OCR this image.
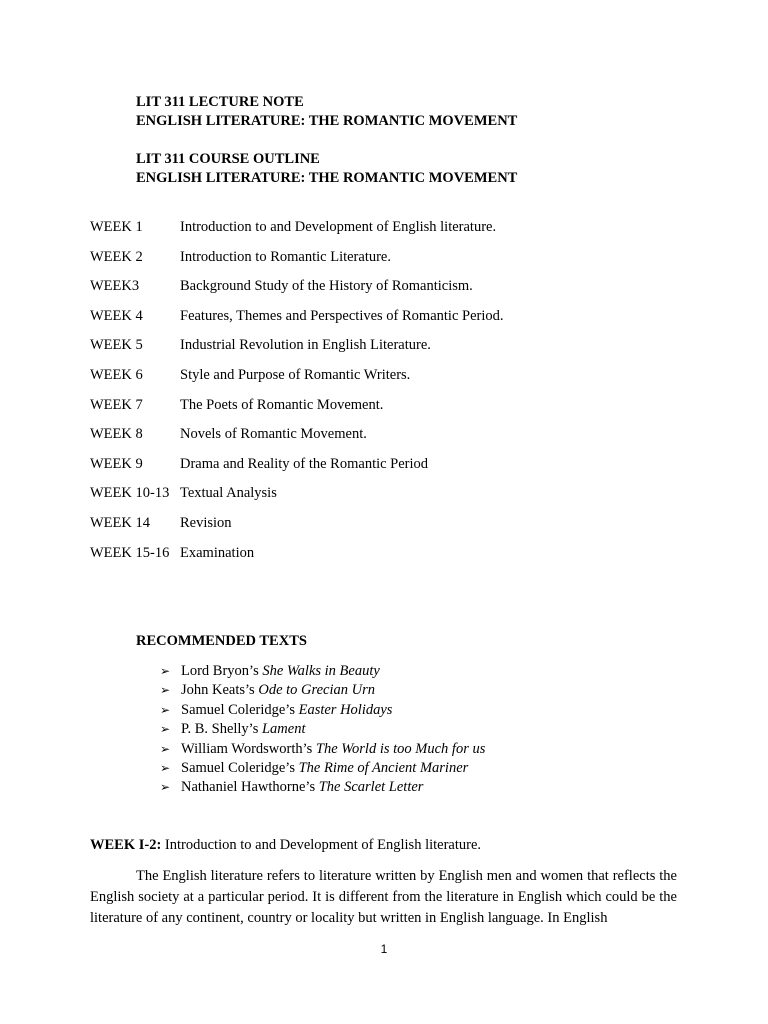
LIT 311 LECTURE NOTE
ENGLISH LITERATURE: THE ROMANTIC MOVEMENT
LIT 311 COURSE OUTLINE
ENGLISH LITERATURE: THE ROMANTIC MOVEMENT
WEEK 1	Introduction to and Development of English literature.
WEEK 2	Introduction to Romantic Literature.
WEEK3	Background Study of the History of Romanticism.
WEEK 4	Features, Themes and Perspectives of Romantic Period.
WEEK 5	Industrial Revolution in English Literature.
WEEK 6	Style and Purpose of Romantic Writers.
WEEK 7	The Poets of Romantic Movement.
WEEK 8	Novels of Romantic Movement.
WEEK 9	Drama and Reality of the Romantic Period
WEEK 10-13 Textual Analysis
WEEK 14	Revision
WEEK 15-16 Examination
RECOMMENDED TEXTS
➢ Lord Bryon’s She Walks in Beauty
➢ John Keats’s Ode to Grecian Urn
➢ Samuel Coleridge’s Easter Holidays
➢ P. B. Shelly’s Lament
➢ William Wordsworth’s The World is too Much for us
➢ Samuel Coleridge’s The Rime of Ancient Mariner
➢ Nathaniel Hawthorne’s The Scarlet Letter
WEEK I-2: Introduction to and Development of English literature.

The English literature refers to literature written by English men and women that reflects the English society at a particular period. It is different from the literature in English which could be the literature of any continent, country or locality but written in English language. In English

1
